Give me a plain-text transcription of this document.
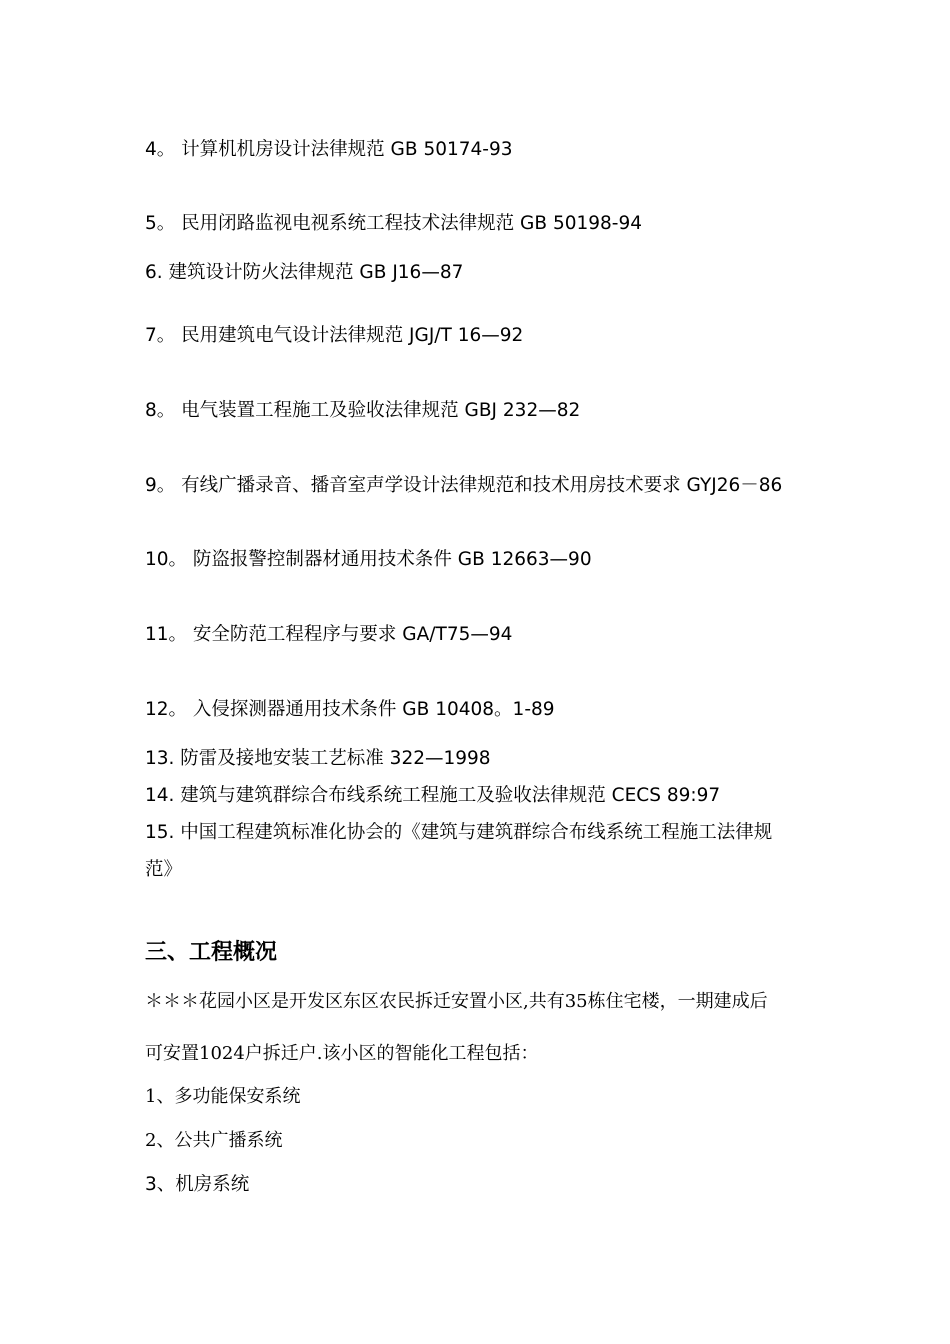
4。 计算机机房设计法律规范 GB 50174-93
5。 民用闭路监视电视系统工程技术法律规范 GB 50198-94
6. 建筑设计防火法律规范 GB J16—87
7。 民用建筑电气设计法律规范 JGJ/T 16—92
8。 电气装置工程施工及验收法律规范 GBJ 232—82
9。 有线广播录音、播音室声学设计法律规范和技术用房技术要求 GYJ26－86
10。 防盗报警控制器材通用技术条件 GB 12663—90
11。 安全防范工程程序与要求 GA/T75—94
12。 入侵探测器通用技术条件 GB 10408。1-89
13. 防雷及接地安装工艺标准 322—1998
14. 建筑与建筑群综合布线系统工程施工及验收法律规范 CECS 89:97
15. 中国工程建筑标准化协会的《建筑与建筑群综合布线系统工程施工法律规
范》
三、工程概况
＊＊＊花园小区是开发区东区农民拆迁安置小区,共有35栋住宅楼，一期建成后
可安置1024户拆迁户.该小区的智能化工程包括：
1、多功能保安系统
2、公共广播系统
3、机房系统
